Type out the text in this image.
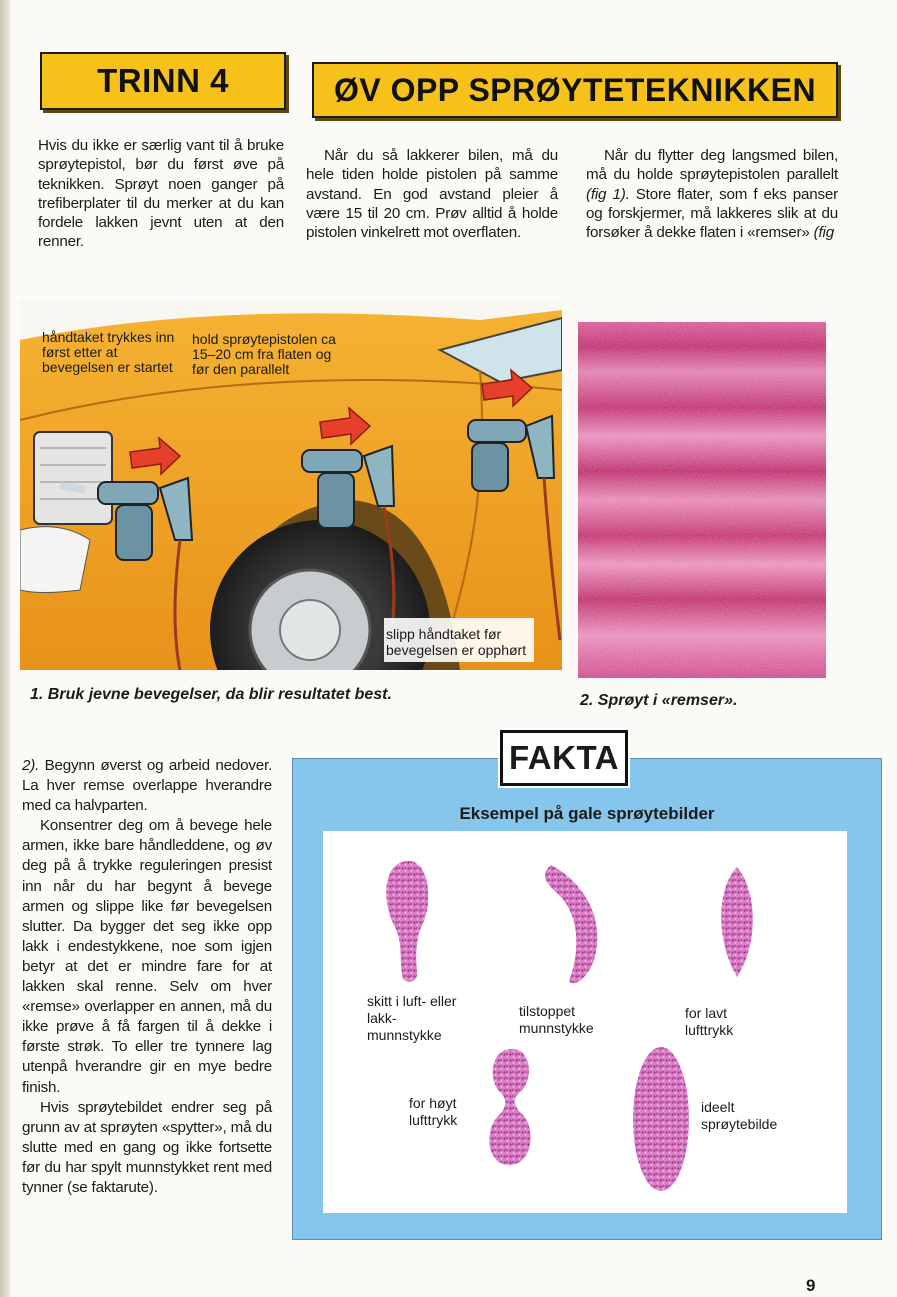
TRINN 4	ØV OPP SPRØYTETEKNIKKEN

Hvis du ikke er særlig vant til å bruke sprøytepistol, bør du først øve på teknikken. Sprøyt noen ganger på trefiberplater til du merker at du kan fordele lakken jevnt uten at den renner.

Når du så lakkerer bilen, må du hele tiden holde pistolen på samme avstand. En god avstand pleier å være 15 til 20 cm. Prøv alltid å holde pistolen vinkelrett mot overflaten.

Når du flytter deg langsmed bilen, må du holde sprøytepistolen parallelt (fig 1). Store flater, som f eks panser og forskjermer, må lakkeres slik at du forsøker å dekke flaten i «remser» (fig

håndtaket trykkes inn først etter at bevegelsen er startet
hold sprøytepistolen ca 15–20 cm fra flaten og før den parallelt
slipp håndtaket før bevegelsen er opphørt
1. Bruk jevne bevegelser, da blir resultatet best.	2. Sprøyt i «remser».

2). Begynn øverst og arbeid nedover. La hver remse overlappe hverandre med ca halvparten.

Konsentrer deg om å bevege hele armen, ikke bare håndleddene, og øv deg på å trykke reguleringen presist inn når du har begynt å bevege armen og slippe like før bevegelsen slutter. Da bygger det seg ikke opp lakk i endestykkene, noe som igjen betyr at det er mindre fare for at lakken skal renne. Selv om hver «remse» overlapper en annen, må du ikke prøve å få fargen til å dekke i første strøk. To eller tre tynnere lag utenpå hverandre gir en mye bedre finish.

Hvis sprøytebildet endrer seg på grunn av at sprøyten «spytter», må du slutte med en gang og ikke fortsette før du har spylt munnstykket rent med tynner (se faktarute).

FAKTA
Eksempel på gale sprøytebilder
skitt i luft- eller lakk- munnstykke
tilstoppet munnstykke
for lavt lufttrykk
for høyt lufttrykk
ideelt sprøytebilde
9
